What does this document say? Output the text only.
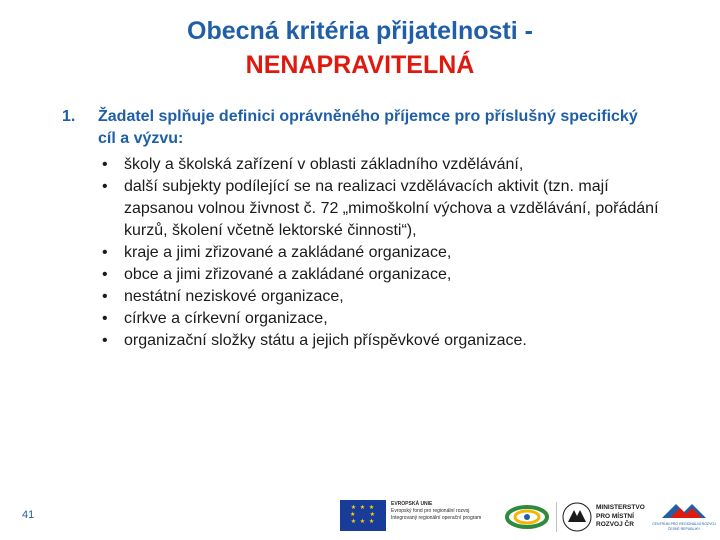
Obecná kritéria přijatelnosti -
NENAPRAVITELNÁ
1. Žadatel splňuje definici oprávněného příjemce pro příslušný specifický cíl a výzvu:
• školy a školská zařízení v oblasti základního vzdělávání,
• další subjekty podílející se na realizaci vzdělávacích aktivit (tzn. mají zapsanou volnou živnost č. 72 „mimoškolní výchova a vzdělávání, pořádání kurzů, školení včetně lektorské činnosti“),
• kraje a jimi zřizované a zakládané organizace,
• obce a jimi zřizované a zakládané organizace,
• nestátní neziskové organizace,
• církve a církevní organizace,
• organizační složky státu a jejich příspěvkové organizace.
41
★ ★ ★
★     ★
★ ★ ★
EVROPSKÁ UNIE
Evropský fond pro regionální rozvoj
Integrovaný regionální operační program
MINISTERSTVO
PRO MÍSTNÍ
ROZVOJ ČR	CENTRUM PRO REGIONÁLNÍ ROZVOJ ČESKÉ REPUBLIKY
